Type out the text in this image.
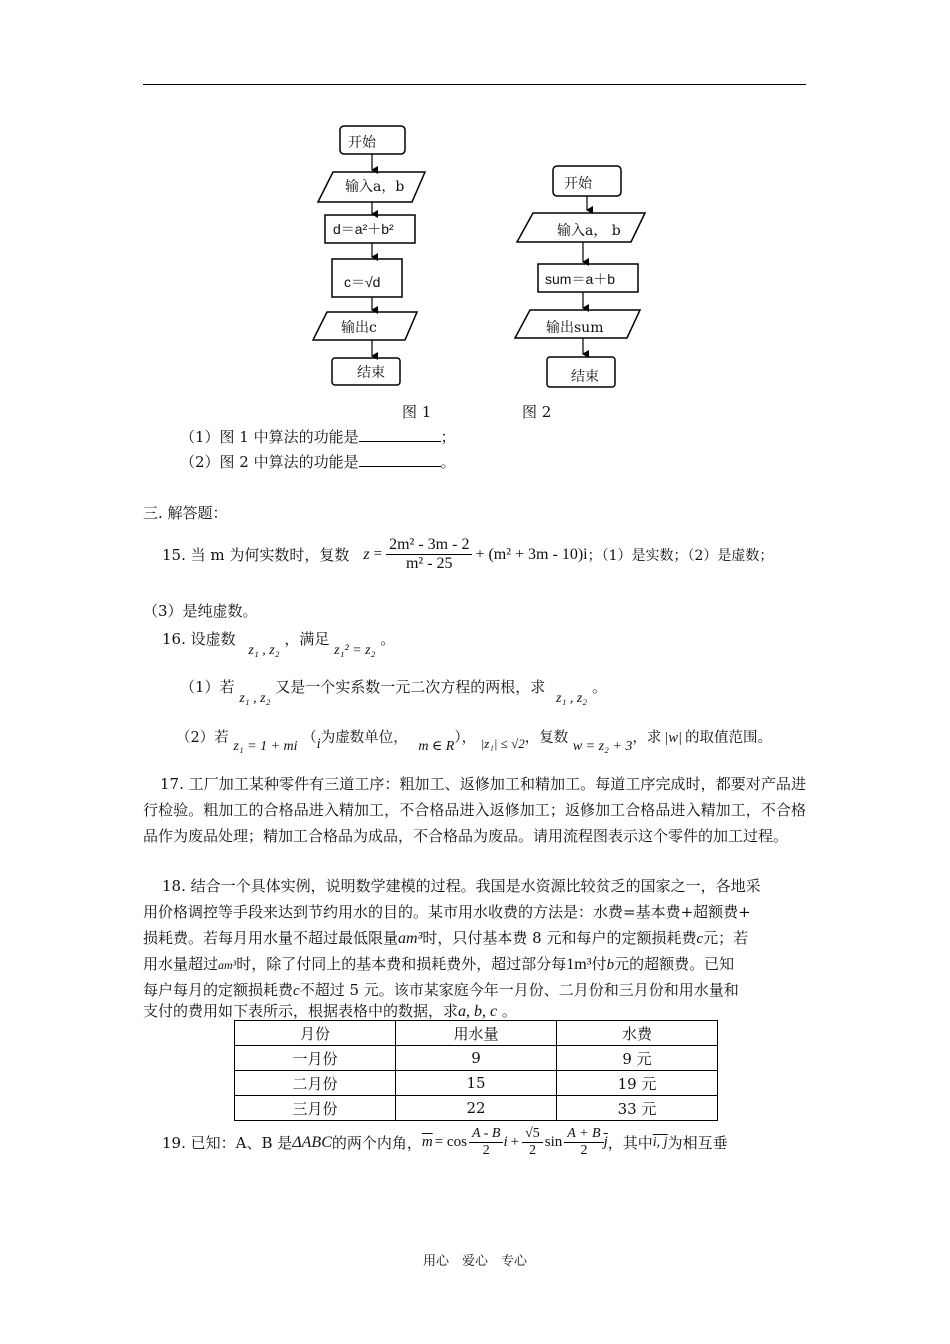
开始
输入a，b
d＝a²＋b²
c＝√d
输出c
结束
开始
输入a， b
sum＝a＋b
输出sum
结束
图 1	图 2
（1）图 1 中算法的功能是	；
（2）图 2 中算法的功能是	。
三. 解答题：
15. 当 m 为何实数时，复数 $z = \frac{\text{2m² - 3m - 2}}{\text{m² - 25}} + (m^2 + 3m - 10)i$ ；（1）是实数；（2）是虚数；
（3）是纯虚数。
16. 设虚数 z₁ , z₂ ，满足 z₁² = z₂ 。
（1）若 z₁ , z₂ 又是一个实系数一元二次方程的两根，求 z₁ , z₂ 。
（2）若 z₁ = 1 + mi （i为虚数单位， m ∈ R）， |z₁| ≤ √2，复数 w = z₂ + 3，求 |w| 的取值范围。
17. 工厂加工某种零件有三道工序：粗加工、返修加工和精加工。每道工序完成时，都要对产品进行检验。粗加工的合格品进入精加工，不合格品进入返修加工；返修加工合格品进入精加工，不合格品作为废品处理；精加工合格品为成品，不合格品为废品。请用流程图表示这个零件的加工过程。
18. 结合一个具体实例，说明数学建模的过程。我国是水资源比较贫乏的国家之一，各地采
用价格调控等手段来达到节约用水的目的。某市用水收费的方法是：水费=基本费+超额费+
损耗费。若每月用水量不超过最低限量am³时，只付基本费 8 元和每户的定额损耗费c元；若
用水量超过am³时，除了付同上的基本费和损耗费外，超过部分每1m³付b元的超额费。已知
每户每月的定额损耗费c不超过 5 元。该市某家庭今年一月份、二月份和三月份和用水量和
支付的费用如下表所示，根据表格中的数据，求a, b, c 。
月份	用水量	水费
一月份	9	9 元
二月份	15	19 元
三月份	22	33 元
19. 已知：A、B 是 ΔABC 的两个内角， $\overline{m} = \cos \frac{A - B}{2}$ $i + \frac{√5}{2}$ $\sin \frac{A + B}{2} \overline{j}$ ，其中 i, j 为相互垂
用心　爱心　专心
